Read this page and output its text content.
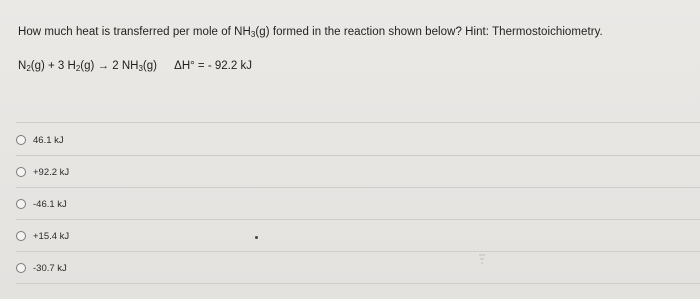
How much heat is transferred per mole of $NH_3(g)$ formed in the reaction shown below? Hint: Thermostoichiometry.
$N_2(g) + 3$ $H_2(g) \to 2$ $NH_3(g) \Delta H^\circ$ = - 92.2 kJ
46.1 kJ
+92.2 kJ
-46.1 kJ
+15.4 kJ
-30.7 kJ
